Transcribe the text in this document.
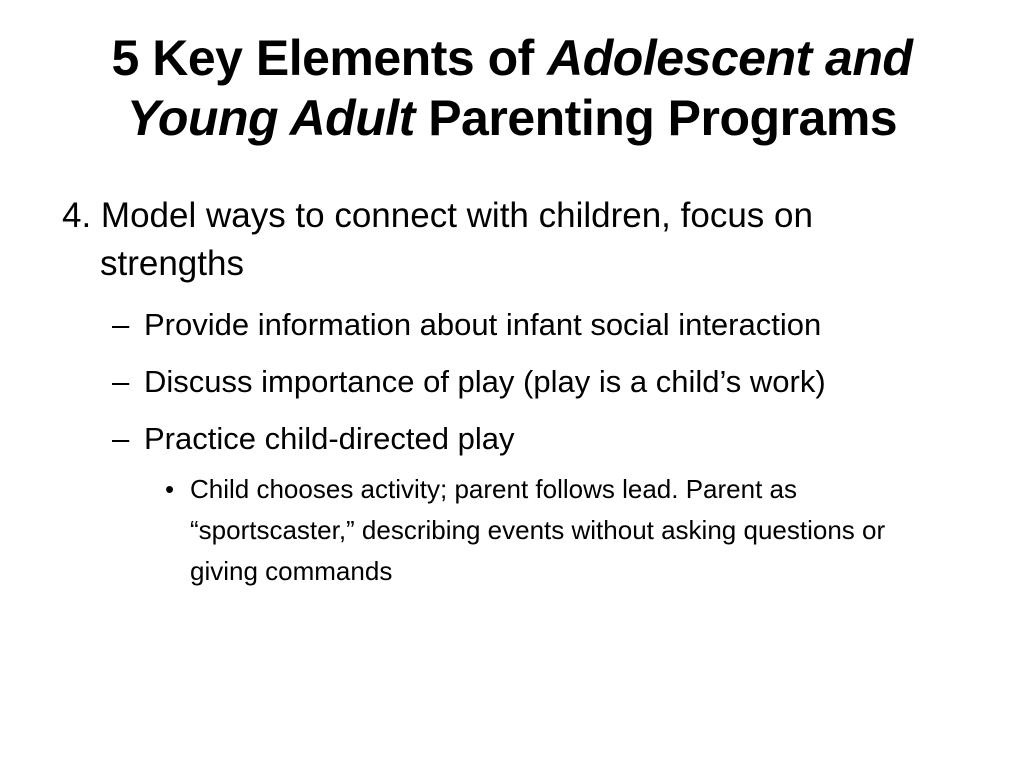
5 Key Elements of Adolescent and
Young Adult Parenting Programs
4. Model ways to connect with children, focus on strengths
– Provide information about infant social interaction
– Discuss importance of play (play is a child’s work)
– Practice child-directed play
• Child chooses activity; parent follows lead. Parent as “sportscaster,” describing events without asking questions or giving commands
